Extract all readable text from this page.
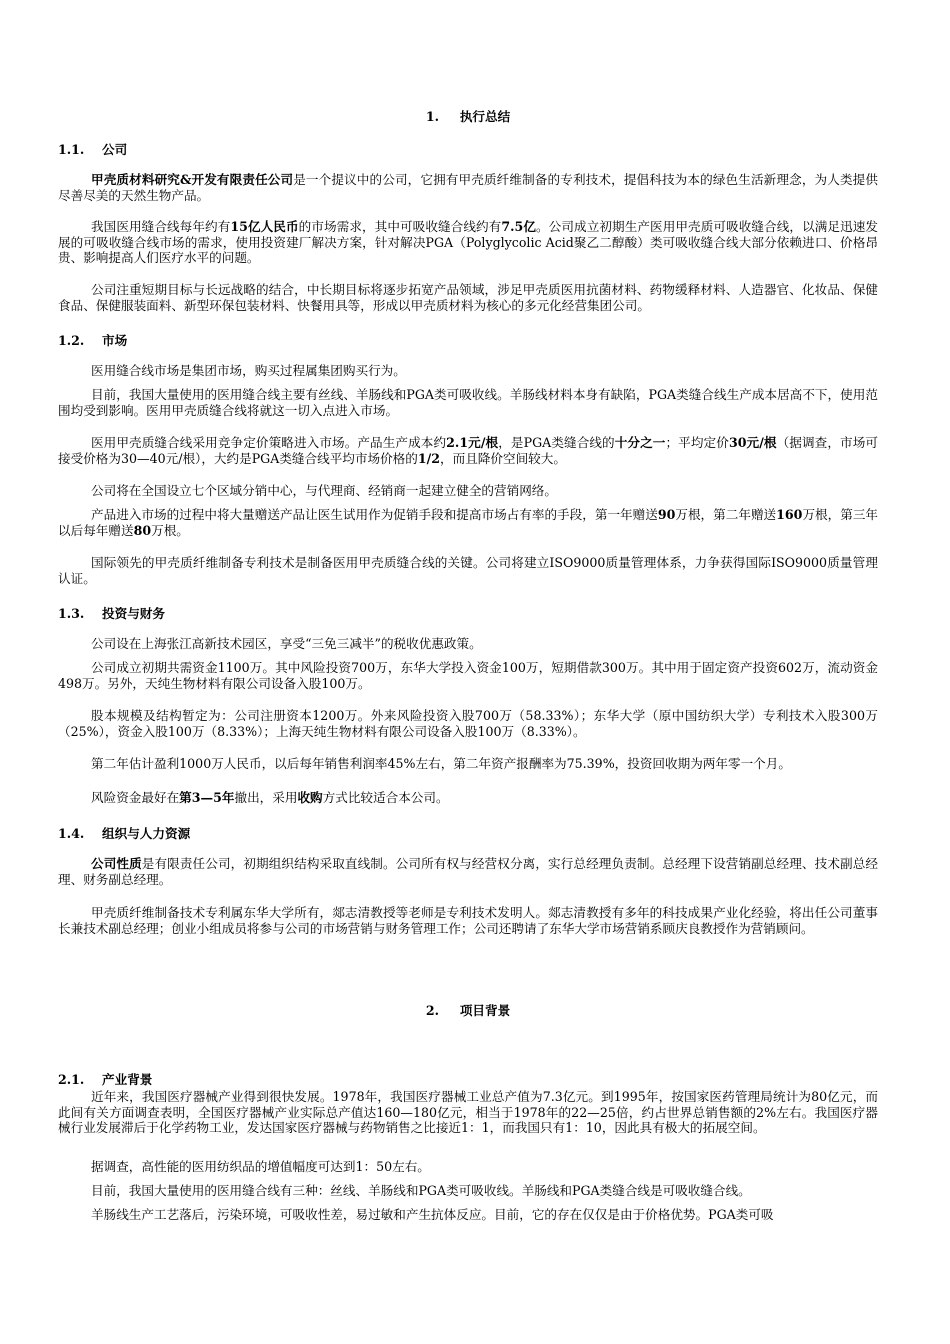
1. 执行总结
1.1. 公司

甲壳质材料研究&开发有限责任公司是一个提议中的公司，它拥有甲壳质纤维制备的专利技术，提倡科技为本的绿色生活新理念，为人类提供尽善尽美的天然生物产品。

我国医用缝合线每年约有15亿人民币的市场需求，其中可吸收缝合线约有7.5亿。公司成立初期生产医用甲壳质可吸收缝合线，以满足迅速发展的可吸收缝合线市场的需求，使用投资建厂解决方案，针对解决PGA（Polyglycolic Acid聚乙二醇酸）类可吸收缝合线大部分依赖进口、价格昂贵、影响提高人们医疗水平的问题。

公司注重短期目标与长远战略的结合，中长期目标将逐步拓宽产品领域，涉足甲壳质医用抗菌材料、药物缓释材料、人造器官、化妆品、保健食品、保健服装面料、新型环保包装材料、快餐用具等，形成以甲壳质材料为核心的多元化经营集团公司。

1.2. 市场

医用缝合线市场是集团市场，购买过程属集团购买行为。

目前，我国大量使用的医用缝合线主要有丝线、羊肠线和PGA类可吸收线。羊肠线材料本身有缺陷，PGA类缝合线生产成本居高不下，使用范围均受到影响。医用甲壳质缝合线将就这一切入点进入市场。

医用甲壳质缝合线采用竞争定价策略进入市场。产品生产成本约2.1元/根，是PGA类缝合线的十分之一；平均定价30元/根（据调查，市场可接受价格为30—40元/根），大约是PGA类缝合线平均市场价格的1/2，而且降价空间较大。

公司将在全国设立七个区域分销中心，与代理商、经销商一起建立健全的营销网络。

产品进入市场的过程中将大量赠送产品让医生试用作为促销手段和提高市场占有率的手段，第一年赠送90万根，第二年赠送160万根，第三年以后每年赠送80万根。

国际领先的甲壳质纤维制备专利技术是制备医用甲壳质缝合线的关键。公司将建立ISO9000质量管理体系，力争获得国际ISO9000质量管理认证。

1.3. 投资与财务

公司设在上海张江高新技术园区，享受“三免三减半”的税收优惠政策。

公司成立初期共需资金1100万。其中风险投资700万，东华大学投入资金100万，短期借款300万。其中用于固定资产投资602万，流动资金498万。另外，天纯生物材料有限公司设备入股100万。

股本规模及结构暂定为：公司注册资本1200万。外来风险投资入股700万（58.33%）；东华大学（原中国纺织大学）专利技术入股300万（25%），资金入股100万（8.33%）；上海天纯生物材料有限公司设备入股100万（8.33%）。

第二年估计盈利1000万人民币，以后每年销售利润率45%左右，第二年资产报酬率为75.39%，投资回收期为两年零一个月。

风险资金最好在第3—5年撤出，采用收购方式比较适合本公司。

1.4. 组织与人力资源

公司性质是有限责任公司，初期组织结构采取直线制。公司所有权与经营权分离，实行总经理负责制。总经理下设营销副总经理、技术副总经理、财务副总经理。

甲壳质纤维制备技术专利属东华大学所有，郯志清教授等老师是专利技术发明人。郯志清教授有多年的科技成果产业化经验，将出任公司董事长兼技术副总经理；创业小组成员将参与公司的市场营销与财务管理工作；公司还聘请了东华大学市场营销系顾庆良教授作为营销顾问。

2. 项目背景
2.1. 产业背景

近年来，我国医疗器械产业得到很快发展。1978年，我国医疗器械工业总产值为7.3亿元。到1995年，按国家医药管理局统计为80亿元，而此间有关方面调查表明，全国医疗器械产业实际总产值达160—180亿元，相当于1978年的22—25倍，约占世界总销售额的2%左右。我国医疗器械行业发展滞后于化学药物工业，发达国家医疗器械与药物销售之比接近1：1，而我国只有1：10，因此具有极大的拓展空间。

据调查，高性能的医用纺织品的增值幅度可达到1：50左右。

目前，我国大量使用的医用缝合线有三种：丝线、羊肠线和PGA类可吸收线。羊肠线和PGA类缝合线是可吸收缝合线。

羊肠线生产工艺落后，污染环境，可吸收性差，易过敏和产生抗体反应。目前，它的存在仅仅是由于价格优势。PGA类可吸
